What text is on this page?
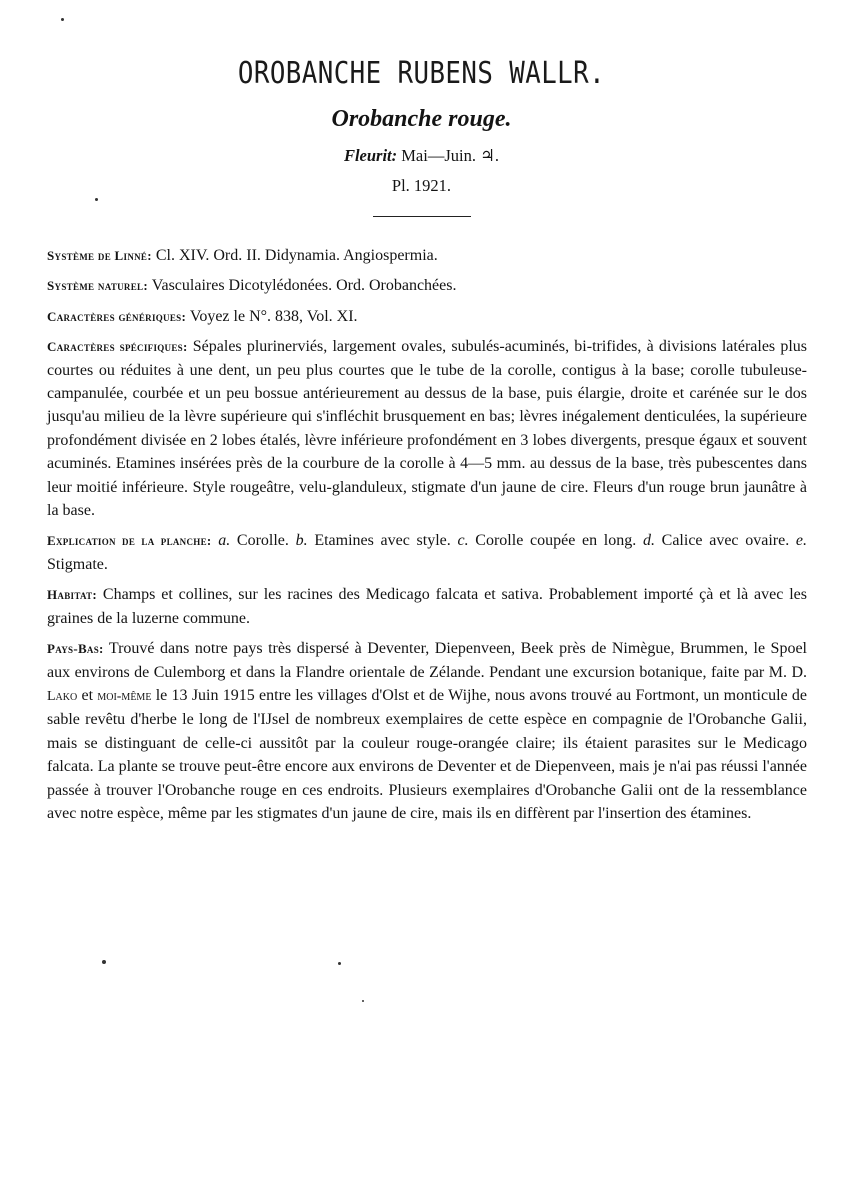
OROBANCHE RUBENS WALLR.
Orobanche rouge.
Fleurit: Mai—Juin. ♃.
Pl. 1921.

Système de Linné: Cl. XIV. Ord. II. Didynamia. Angiospermia.

Système naturel: Vasculaires Dicotylédonées. Ord. Orobanchées.

Caractères génériques: Voyez le N°. 838, Vol. XI.

Caractères spécifiques: Sépales plurinerviés, largement ovales, subulés-acuminés, bi-trifides, à divisions latérales plus courtes ou réduites à une dent, un peu plus courtes que le tube de la corolle, contigus à la base; corolle tubuleuse-campanulée, courbée et un peu bossue antérieurement au dessus de la base, puis élargie, droite et carénée sur le dos jusqu'au milieu de la lèvre supérieure qui s'infléchit brusquement en bas; lèvres inégalement denticulées, la supérieure profondément divisée en 2 lobes étalés, lèvre inférieure profondément en 3 lobes divergents, presque égaux et souvent acuminés. Etamines insérées près de la courbure de la corolle à 4—5 mm. au dessus de la base, très pubescentes dans leur moitié inférieure. Style rougeâtre, velu-glanduleux, stigmate d'un jaune de cire. Fleurs d'un rouge brun jaunâtre à la base.

Explication de la planche: a. Corolle. b. Etamines avec style. c. Corolle coupée en long. d. Calice avec ovaire. e. Stigmate.

Habitat: Champs et collines, sur les racines des Medicago falcata et sativa. Probablement importé çà et là avec les graines de la luzerne commune.

Pays-Bas: Trouvé dans notre pays très dispersé à Deventer, Diepenveen, Beek près de Nimègue, Brummen, le Spoel aux environs de Culemborg et dans la Flandre orientale de Zélande. Pendant une excursion botanique, faite par M. D. Lako et moi-même le 13 Juin 1915 entre les villages d'Olst et de Wijhe, nous avons trouvé au Fortmont, un monticule de sable revêtu d'herbe le long de l'IJsel de nombreux exemplaires de cette espèce en compagnie de l'Orobanche Galii, mais se distinguant de celle-ci aussitôt par la couleur rouge-orangée claire; ils étaient parasites sur le Medicago falcata. La plante se trouve peut-être encore aux environs de Deventer et de Diepenveen, mais je n'ai pas réussi l'année passée à trouver l'Orobanche rouge en ces endroits. Plusieurs exemplaires d'Orobanche Galii ont de la ressemblance avec notre espèce, même par les stigmates d'un jaune de cire, mais ils en diffèrent par l'insertion des étamines.
